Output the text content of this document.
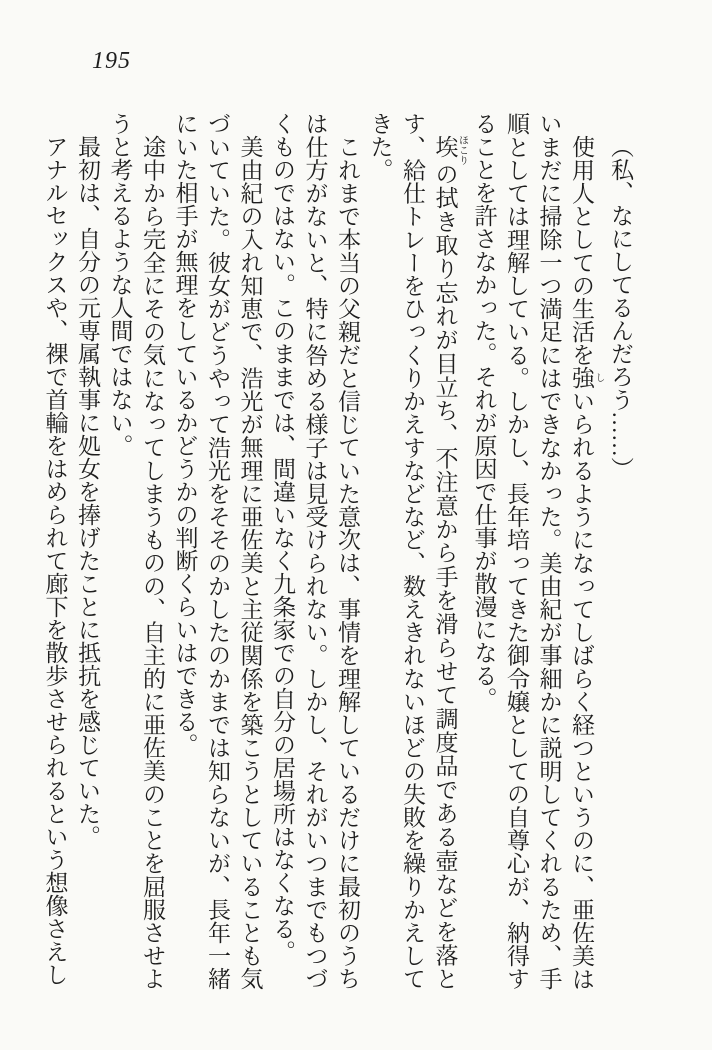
195

（私、なにしてるんだろう……）

使用人としての生活を強 しいられるようになってしばらく経つというのに、亜佐美はいまだに掃除一つ満足にはできなかった。美由紀が事細かに説明してくれるため、手順としては理解している。しかし、長年培ってきた御令嬢としての自尊心が、納得することを許さなかった。それが原因で仕事が散漫になる。

埃 ほこりの拭き取り忘れが目立ち、不注意から手を滑らせて調度品である壺などを落とす、給仕トレーをひっくりかえすなどなど、数えきれないほどの失敗を繰りかえしてきた。

これまで本当の父親だと信じていた意次は、事情を理解しているだけに最初のうちは仕方がないと、特に咎める様子は見受けられない。しかし、それがいつまでもつづくものではない。このままでは、間違いなく九条家での自分の居場所はなくなる。

美由紀の入れ知恵で、浩光が無理に亜佐美と主従関係を築こうとしていることも気づいていた。彼女がどうやって浩光をそそのかしたのかまでは知らないが、長年一緒にいた相手が無理をしているかどうかの判断くらいはできる。

途中から完全にその気になってしまうものの、自主的に亜佐美のことを屈服させようと考えるような人間ではない。

最初は、自分の元専属執事に処女を捧げたことに抵抗を感じていた。

アナルセックスや、裸で首輪をはめられて廊下を散歩させられるという想像さえし
